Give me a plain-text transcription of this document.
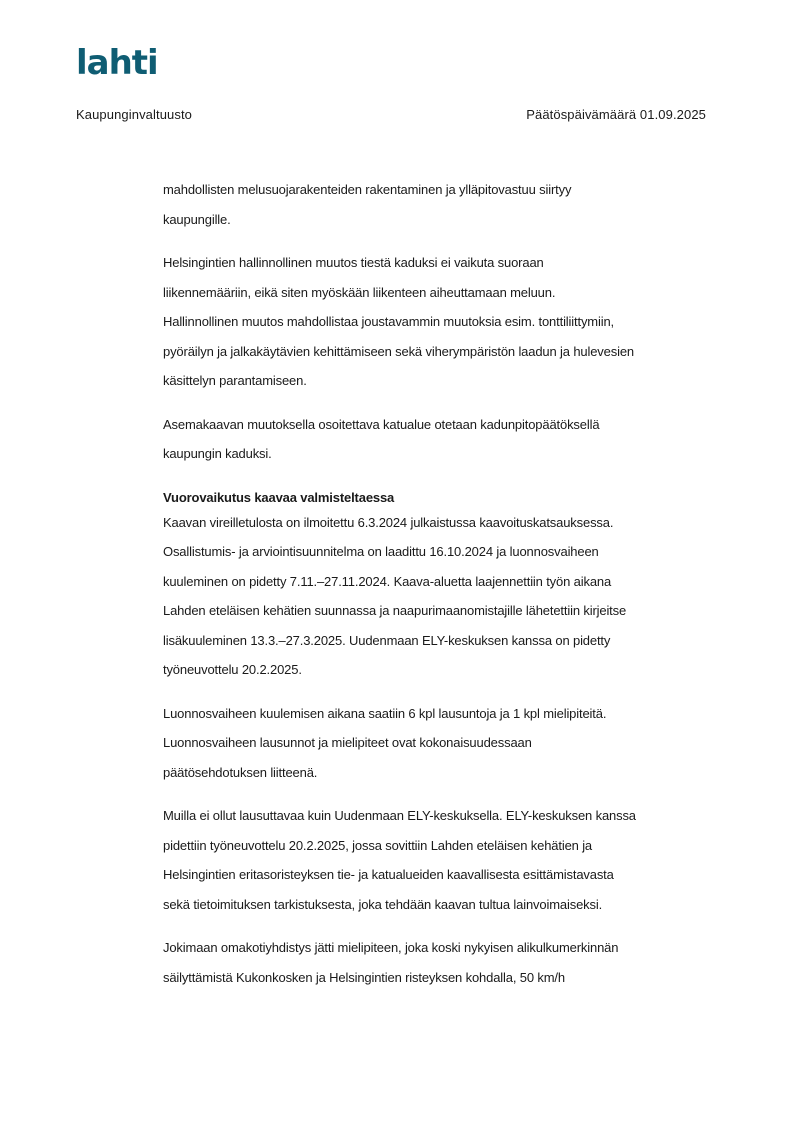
lahti
Kaupunginvaltuusto	Päätöspäivämäärä 01.09.2025
mahdollisten melusuojarakenteiden rakentaminen ja ylläpitovastuu siirtyy
kaupungille.
Helsingintien hallinnollinen muutos tiestä kaduksi ei vaikuta suoraan
liikennemääriin, eikä siten myöskään liikenteen aiheuttamaan meluun.
Hallinnollinen muutos mahdollistaa joustavammin muutoksia esim. tonttiliittymiin,
pyöräilyn ja jalkakäytävien kehittämiseen sekä viherympäristön laadun ja hulevesien
käsittelyn parantamiseen.
Asemakaavan muutoksella osoitettava katualue otetaan kadunpitopäätöksellä
kaupungin kaduksi.
Vuorovaikutus kaavaa valmisteltaessa
Kaavan vireilletulosta on ilmoitettu 6.3.2024 julkaistussa kaavoituskatsauksessa.
Osallistumis- ja arviointisuunnitelma on laadittu 16.10.2024 ja luonnosvaiheen
kuuleminen on pidetty 7.11.–27.11.2024. Kaava-aluetta laajennettiin työn aikana
Lahden eteläisen kehätien suunnassa ja naapurimaanomistajille lähetettiin kirjeitse
lisäkuuleminen 13.3.–27.3.2025. Uudenmaan ELY-keskuksen kanssa on pidetty
työneuvottelu 20.2.2025.
Luonnosvaiheen kuulemisen aikana saatiin 6 kpl lausuntoja ja 1 kpl mielipiteitä.
Luonnosvaiheen lausunnot ja mielipiteet ovat kokonaisuudessaan
päätösehdotuksen liitteenä.
Muilla ei ollut lausuttavaa kuin Uudenmaan ELY-keskuksella. ELY-keskuksen kanssa
pidettiin työneuvottelu 20.2.2025, jossa sovittiin Lahden eteläisen kehätien ja
Helsingintien eritasoristeyksen tie- ja katualueiden kaavallisesta esittämistavasta
sekä tietoimituksen tarkistuksesta, joka tehdään kaavan tultua lainvoimaiseksi.
Jokimaan omakotiyhdistys jätti mielipiteen, joka koski nykyisen alikulkumerkinnän
säilyttämistä Kukonkosken ja Helsingintien risteyksen kohdalla, 50 km/h
